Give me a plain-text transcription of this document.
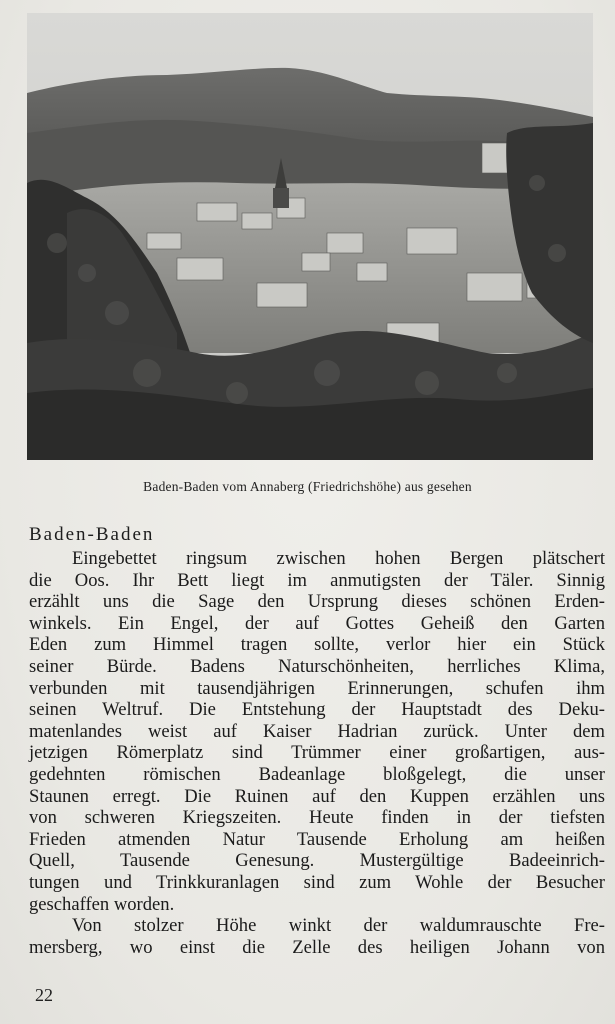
Baden-Baden vom Annaberg (Friedrichshöhe) aus gesehen
Baden-Baden
Eingebettet ringsum zwischen hohen Bergen plätschert
die Oos. Ihr Bett liegt im anmutigsten der Täler. Sinnig
erzählt uns die Sage den Ursprung dieses schönen Erden-
winkels. Ein Engel, der auf Gottes Geheiß den Garten
Eden zum Himmel tragen sollte, verlor hier ein Stück
seiner Bürde. Badens Naturschönheiten, herrliches Klima,
verbunden mit tausendjährigen Erinnerungen, schufen ihm
seinen Weltruf. Die Entstehung der Hauptstadt des Deku-
matenlandes weist auf Kaiser Hadrian zurück. Unter dem
jetzigen Römerplatz sind Trümmer einer großartigen, aus-
gedehnten römischen Badeanlage bloßgelegt, die unser
Staunen erregt. Die Ruinen auf den Kuppen erzählen uns
von schweren Kriegszeiten. Heute finden in der tiefsten
Frieden atmenden Natur Tausende Erholung am heißen
Quell, Tausende Genesung. Mustergültige Badeeinrich-
tungen und Trinkkuranlagen sind zum Wohle der Besucher
geschaffen worden.
Von stolzer Höhe winkt der waldumrauschte Fre-
mersberg, wo einst die Zelle des heiligen Johann von
22
